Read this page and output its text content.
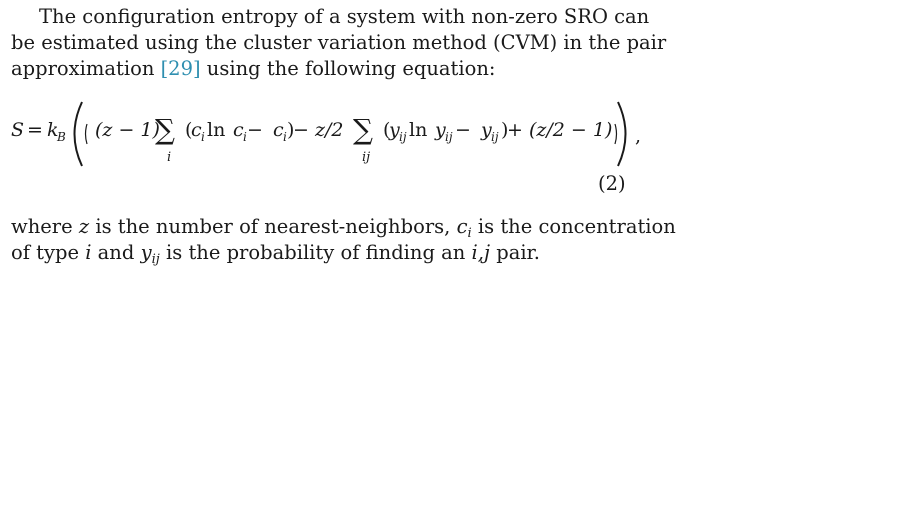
The configuration entropy of a system with non-zero SRO can
be estimated using the cluster variation method (CVM) in the pair
approximation [29] using the following equation:

S = k
B (z − 1)
∑
i
(
c i ln c i − c i )
− z/2 ∑
ij
(
y ij ln y ij − y ij )
+ (z/2 − 1) ,
(2)

where z is the number of nearest-neighbors, $c_i$ is the concentration
of type i and $y_{ij}$ is the probability of finding an i,j pair.
